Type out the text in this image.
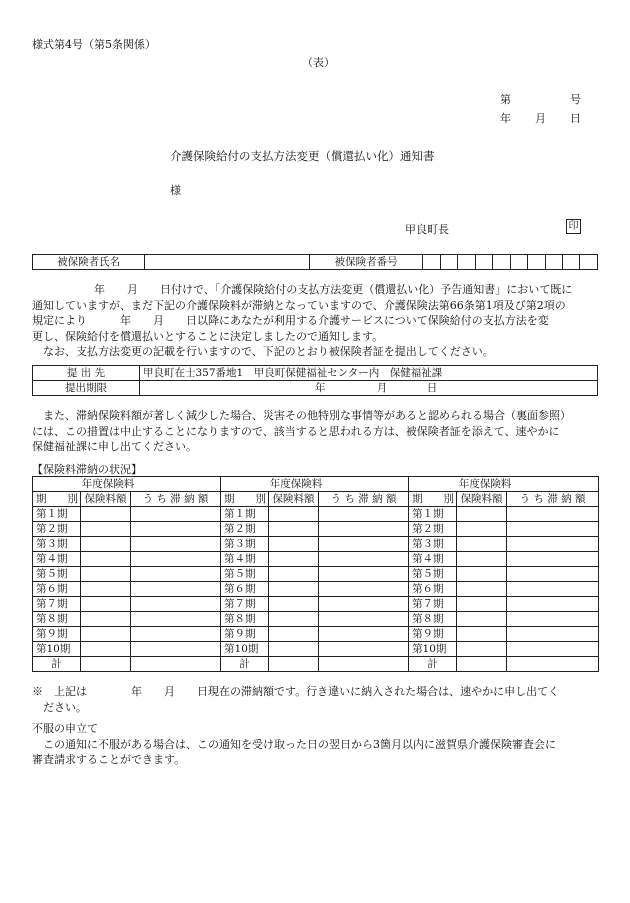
様式第4号（第5条関係）
（表）
第	号
年 月 日
介護保険給付の支払方法変更（償還払い化）通知書
様
甲良町長	印
被保険者氏名		被保険者番号										
年　　月　　日付けで、「介護保険給付の支払方法変更（償還払い化）予告通知書」において既に
通知していますが、まだ下記の介護保険料が滞納となっていますので、介護保険法第66条第1項及び第2項の
規定により　　　年　　月　　日以降にあなたが利用する介護サービスについて保険給付の支払方法を変
更し、保険給付を償還払いとすることに決定しましたので通知します。
なお、支払方法変更の記載を行いますので、下記のとおり被保険者証を提出してください。
提 出 先	甲良町在士357番地1　甲良町保健福祉センター内　保健福祉課
提出期限	年 月 日
また、滞納保険料額が著しく減少した場合、災害その他特別な事情等があると認められる場合（裏面参照）
には、この措置は中止することになりますので、該当すると思われる方は、被保険者証を添えて、速やかに
保健福祉課に申し出てください。
【保険料滞納の状況】
年度保険料			年度保険料			年度保険料		
期　　別	保険料額	う ち 滞 納 額	期　　別	保険料額	う ち 滞 納 額	期　　別	保険料額	う ち 滞 納 額
第１期			第１期			第１期		
第２期			第２期			第２期		
第３期			第３期			第３期		
第４期			第４期			第４期		
第５期			第５期			第５期		
第６期			第６期			第６期		
第７期			第７期			第７期		
第８期			第８期			第８期		
第９期			第９期			第９期		
第10期			第10期			第10期		
計			計			計		
※　 上記は　　　　年　　月　　日現在の滞納額です。行き違いに納入された場合は、速やかに申し出てく
ださい。
不服の申立て
この通知に不服がある場合は、この通知を受け取った日の翌日から3箇月以内に滋賀県介護保険審査会に
審査請求することができます。
